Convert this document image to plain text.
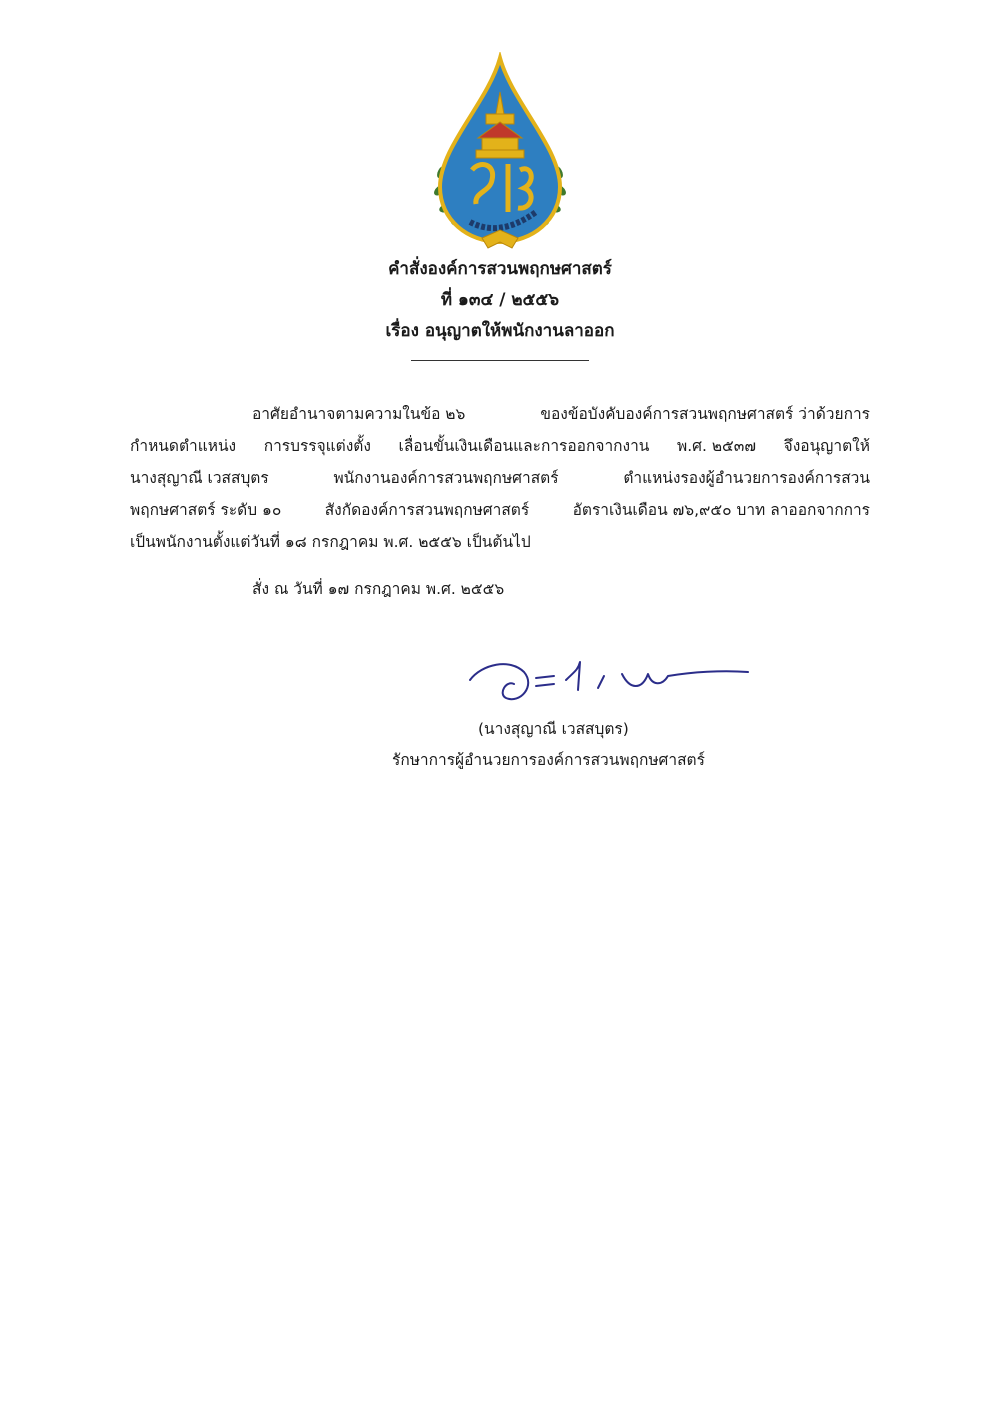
คำสั่งองค์การสวนพฤกษศาสตร์
ที่ ๑๓๔ / ๒๕๕๖
เรื่อง อนุญาตให้พนักงานลาออก
อาศัยอำนาจตามความในข้อ ๒๖	ของข้อบังคับองค์การสวนพฤกษศาสตร์ ว่าด้วยการ
กำหนดตำแหน่ง การบรรจุแต่งตั้ง เลื่อนขั้นเงินเดือนและการออกจากงาน พ.ศ. ๒๕๓๗ จึงอนุญาตให้
นางสุญาณี เวสสบุตร	พนักงานองค์การสวนพฤกษศาสตร์	ตำแหน่งรองผู้อำนวยการองค์การสวน
พฤกษศาสตร์ ระดับ ๑๐	สังกัดองค์การสวนพฤกษศาสตร์	อัตราเงินเดือน ๗๖,๙๕๐ บาท ลาออกจากการ
เป็นพนักงานตั้งแต่วันที่ ๑๘ กรกฎาคม พ.ศ. ๒๕๕๖ เป็นต้นไป
สั่ง ณ วันที่ ๑๗ กรกฎาคม พ.ศ. ๒๕๕๖
(นางสุญาณี เวสสบุตร)
รักษาการผู้อำนวยการองค์การสวนพฤกษศาสตร์
